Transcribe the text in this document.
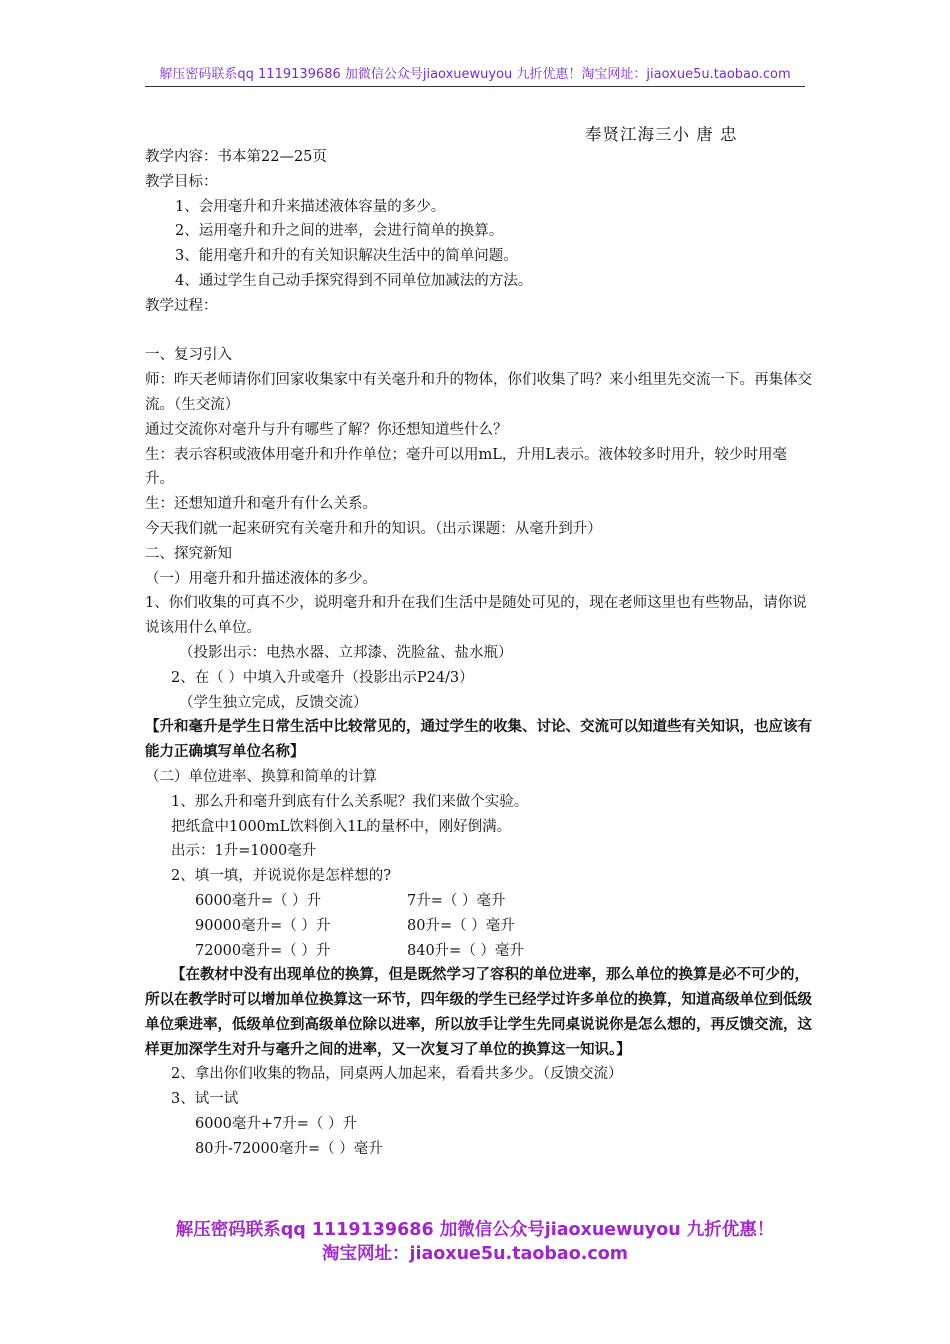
解压密码联系qq 1119139686 加微信公众号jiaoxuewuyou 九折优惠！淘宝网址：jiaoxue5u.taobao.com
奉贤江海三小 唐 忠

教学内容：书本第22—25页

教学目标：

1、会用毫升和升来描述液体容量的多少。

2、运用毫升和升之间的进率，会进行简单的换算。

3、能用毫升和升的有关知识解决生活中的简单问题。

4、通过学生自己动手探究得到不同单位加减法的方法。

教学过程：

一、复习引入

师：昨天老师请你们回家收集家中有关毫升和升的物体，你们收集了吗？来小组里先交流一下。再集体交流。（生交流）

通过交流你对毫升与升有哪些了解？你还想知道些什么？

生：表示容积或液体用毫升和升作单位；毫升可以用mL，升用L表示。液体较多时用升，较少时用毫升。

生：还想知道升和毫升有什么关系。

今天我们就一起来研究有关毫升和升的知识。（出示课题：从毫升到升）

二、探究新知

（一）用毫升和升描述液体的多少。

1、你们收集的可真不少，说明毫升和升在我们生活中是随处可见的，现在老师这里也有些物品，请你说说该用什么单位。

（投影出示：电热水器、立邦漆、洗脸盆、盐水瓶）

2、在（ ）中填入升或毫升（投影出示P24/3）

（学生独立完成，反馈交流）

【升和毫升是学生日常生活中比较常见的，通过学生的收集、讨论、交流可以知道些有关知识，也应该有能力正确填写单位名称】

（二）单位进率、换算和简单的计算

1、那么升和毫升到底有什么关系呢？我们来做个实验。

把纸盒中1000mL饮料倒入1L的量杯中，刚好倒满。

出示：1升=1000毫升

2、填一填，并说说你是怎样想的?

6000毫升=（ ）升	7升=（ ）毫升
90000毫升=（ ）升	80升=（ ）毫升
72000毫升=（ ）升	840升=（ ）毫升

【在教材中没有出现单位的换算，但是既然学习了容积的单位进率，那么单位的换算是必不可少的，所以在教学时可以增加单位换算这一环节，四年级的学生已经学过许多单位的换算，知道高级单位到低级单位乘进率，低级单位到高级单位除以进率，所以放手让学生先同桌说说你是怎么想的，再反馈交流，这样更加深学生对升与毫升之间的进率，又一次复习了单位的换算这一知识。】

2、拿出你们收集的物品，同桌两人加起来，看看共多少。（反馈交流）

3、试一试

6000毫升+7升=（ ）升

80升-72000毫升=（ ）毫升

解压密码联系qq 1119139686 加微信公众号jiaoxuewuyou 九折优惠！
淘宝网址：jiaoxue5u.taobao.com
